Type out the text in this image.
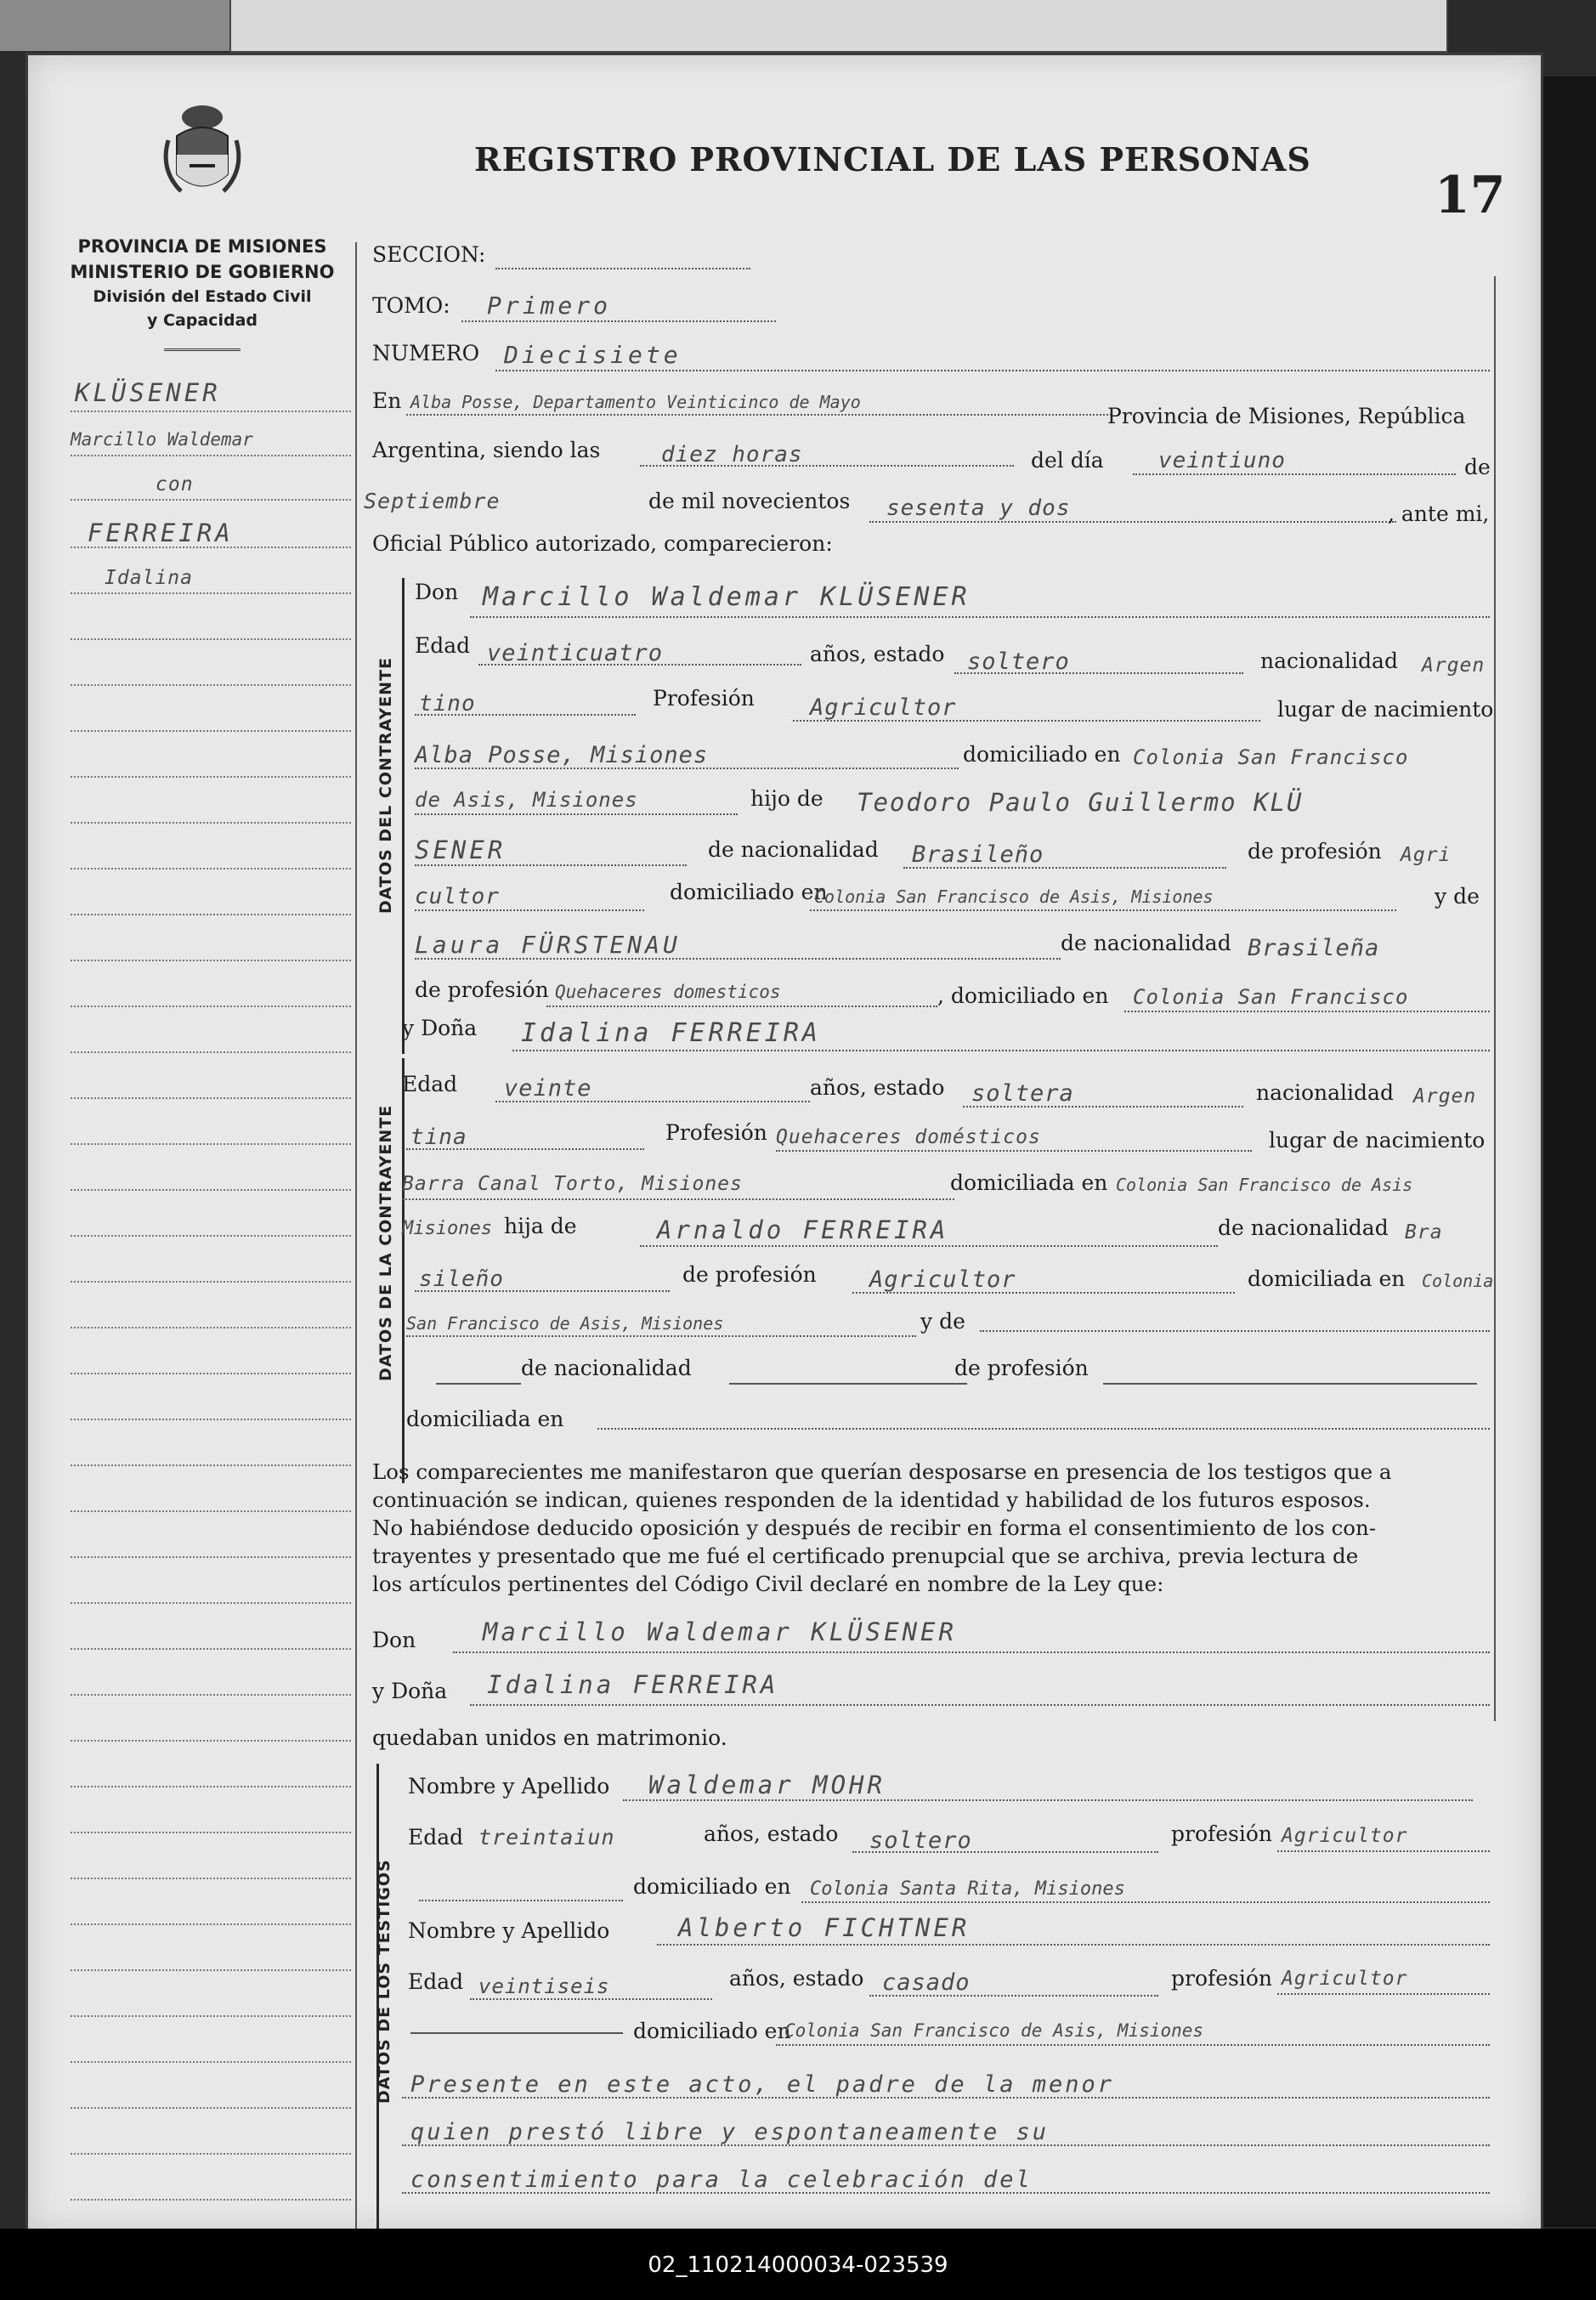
PROVINCIA DE MISIONES
MINISTERIO DE GOBIERNO
División del Estado Civil
y Capacidad
REGISTRO PROVINCIAL DE LAS PERSONAS
17
KLÜSENER
Marcillo Waldemar
con
FERREIRA
Idalina
SECCION:
TOMO: Primero
NUMERO Diecisiete
En Alba Posse, Departamento Veinticinco de Mayo
Provincia de Misiones, República
Argentina, siendo las	diez horas	del día veintiuno	de
Septiembre	de mil novecientos sesenta y dos	, ante mi,
Oficial Público autorizado, comparecieron:
DATOS DEL CONTRAYENTE
Don Marcillo Waldemar KLÜSENER
Edad veinticuatro	años, estado soltero	nacionalidad Argen
tino	Profesión Agricultor	lugar de nacimiento
Alba Posse, Misiones	domiciliado en Colonia San Francisco
de Asis, Misiones	hijo de Teodoro Paulo Guillermo KLÜ
SENER	de nacionalidad Brasileño	de profesión Agri
cultor	domiciliado en
Colonia San Francisco de Asis, Misiones	y de
Laura FÜRSTENAU	de nacionalidad Brasileña
de profesión Quehaceres domesticos	, domiciliado en Colonia San Francisco
DATOS DE LA CONTRAYENTE
y Doña Idalina FERREIRA
Edad veinte	años, estado soltera	nacionalidad Argen
tina	Profesión Quehaceres domésticos	lugar de nacimiento
Barra Canal Torto, Misiones	domiciliada en Colonia San Francisco de Asis
Misiones hija de	Arnaldo FERREIRA	de nacionalidad Bra
sileño	de profesión Agricultor	domiciliada en Colonia
San Francisco de Asis, Misiones	y de
de nacionalidad	de profesión
domiciliada en
Los comparecientes me manifestaron que querían desposarse en presencia de los testigos que a
continuación se indican, quienes responden de la identidad y habilidad de los futuros esposos.
No habiéndose deducido oposición y después de recibir en forma el consentimiento de los con-
trayentes y presentado que me fué el certificado prenupcial que se archiva, previa lectura de
los artículos pertinentes del Código Civil declaré en nombre de la Ley que:
Don	Marcillo Waldemar KLÜSENER
y Doña Idalina FERREIRA
quedaban unidos en matrimonio.
DATOS DE LOS TESTIGOS
Nombre y Apellido Waldemar MOHR
Edad treintaiun	años, estado soltero	profesión Agricultor
domiciliado en Colonia Santa Rita, Misiones
Nombre y Apellido	Alberto FICHTNER
Edad veintiseis	años, estado casado	profesión Agricultor
domiciliado en
Colonia San Francisco de Asis, Misiones
Presente en este acto, el padre de la menor
quien prestó libre y espontaneamente su
consentimiento para la celebración del
02_110214000034-023539
